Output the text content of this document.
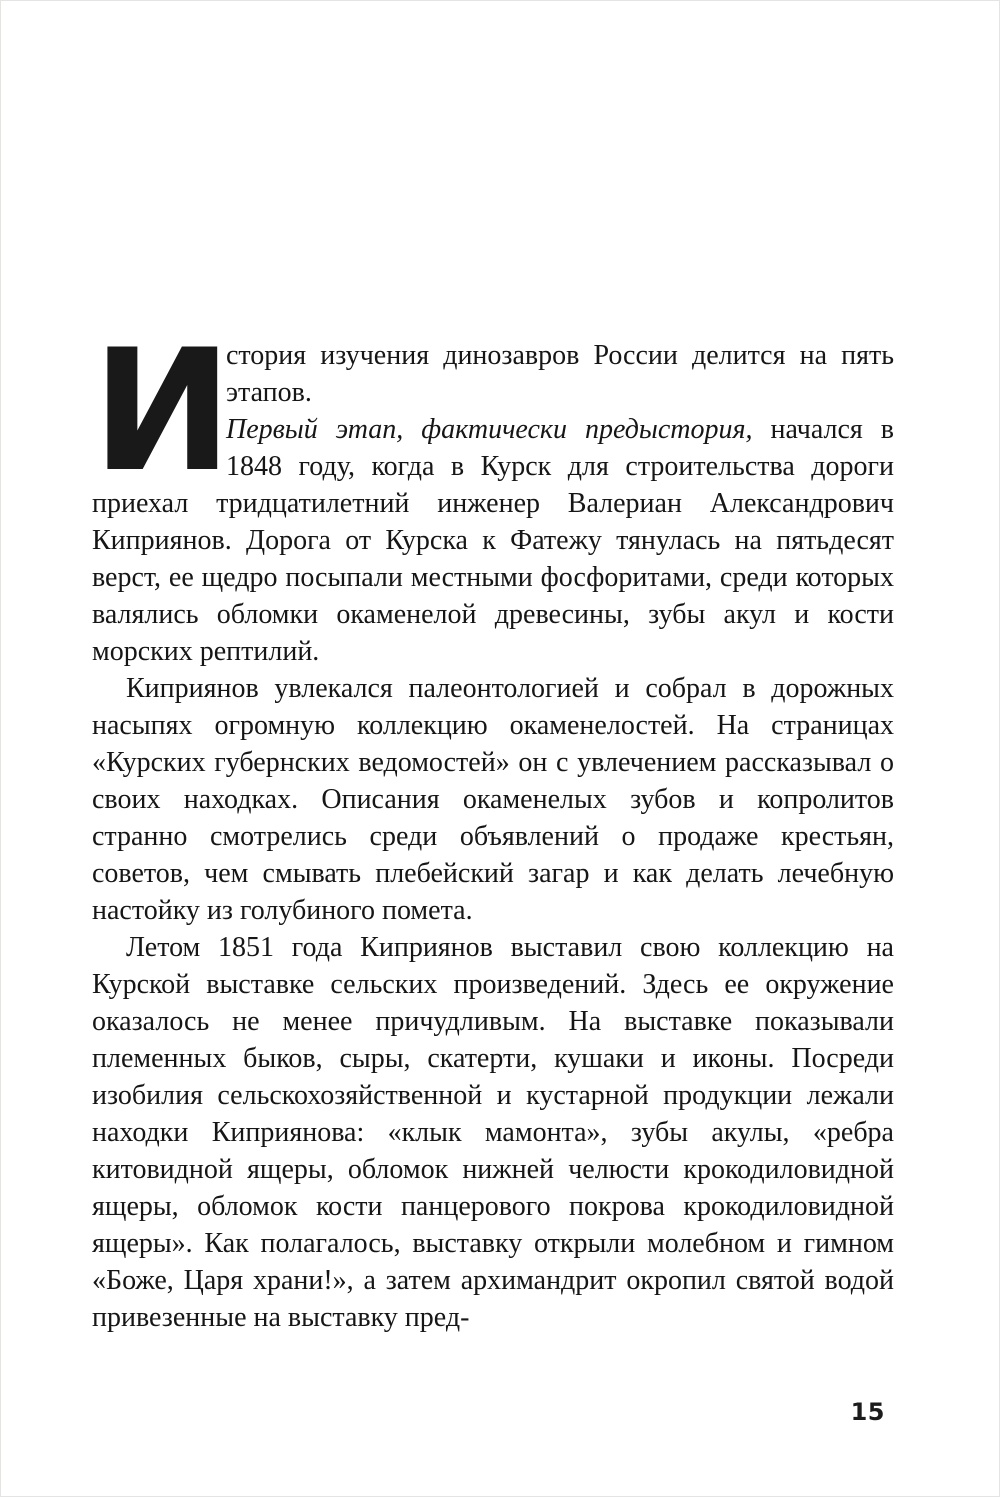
И

стория изучения динозавров России делится на пять этапов.

Первый этап, фактически предыстория, начался в 1848 году, когда в Курск для строительства дороги приехал тридцатилетний инженер Валериан Александрович Киприянов. Дорога от Курска к Фатежу тянулась на пятьдесят верст, ее щедро посыпали местными фосфоритами, среди которых валялись обломки окаменелой древесины, зубы акул и кости морских рептилий.

Киприянов увлекался палеонтологией и собрал в дорожных насыпях огромную коллекцию окаменелостей. На страницах «Курских губернских ведомостей» он с увлечением рассказывал о своих находках. Описания окаменелых зубов и копролитов странно смотрелись среди объявлений о продаже крестьян, советов, чем смывать плебейский загар и как делать лечебную настойку из голубиного помета.

Летом 1851 года Киприянов выставил свою коллекцию на Курской выставке сельских произведений. Здесь ее окружение оказалось не менее причудливым. На выставке показывали племенных быков, сыры, скатерти, кушаки и иконы. Посреди изобилия сельскохозяйственной и кустарной продукции лежали находки Киприянова: «клык мамонта», зубы акулы, «ребра китовидной ящеры, обломок нижней челюсти крокодиловидной ящеры, обломок кости панцерового покрова крокодиловидной ящеры». Как полагалось, выставку открыли молебном и гимном «Боже, Царя храни!», а затем архимандрит окропил святой водой привезенные на выставку пред-

15
